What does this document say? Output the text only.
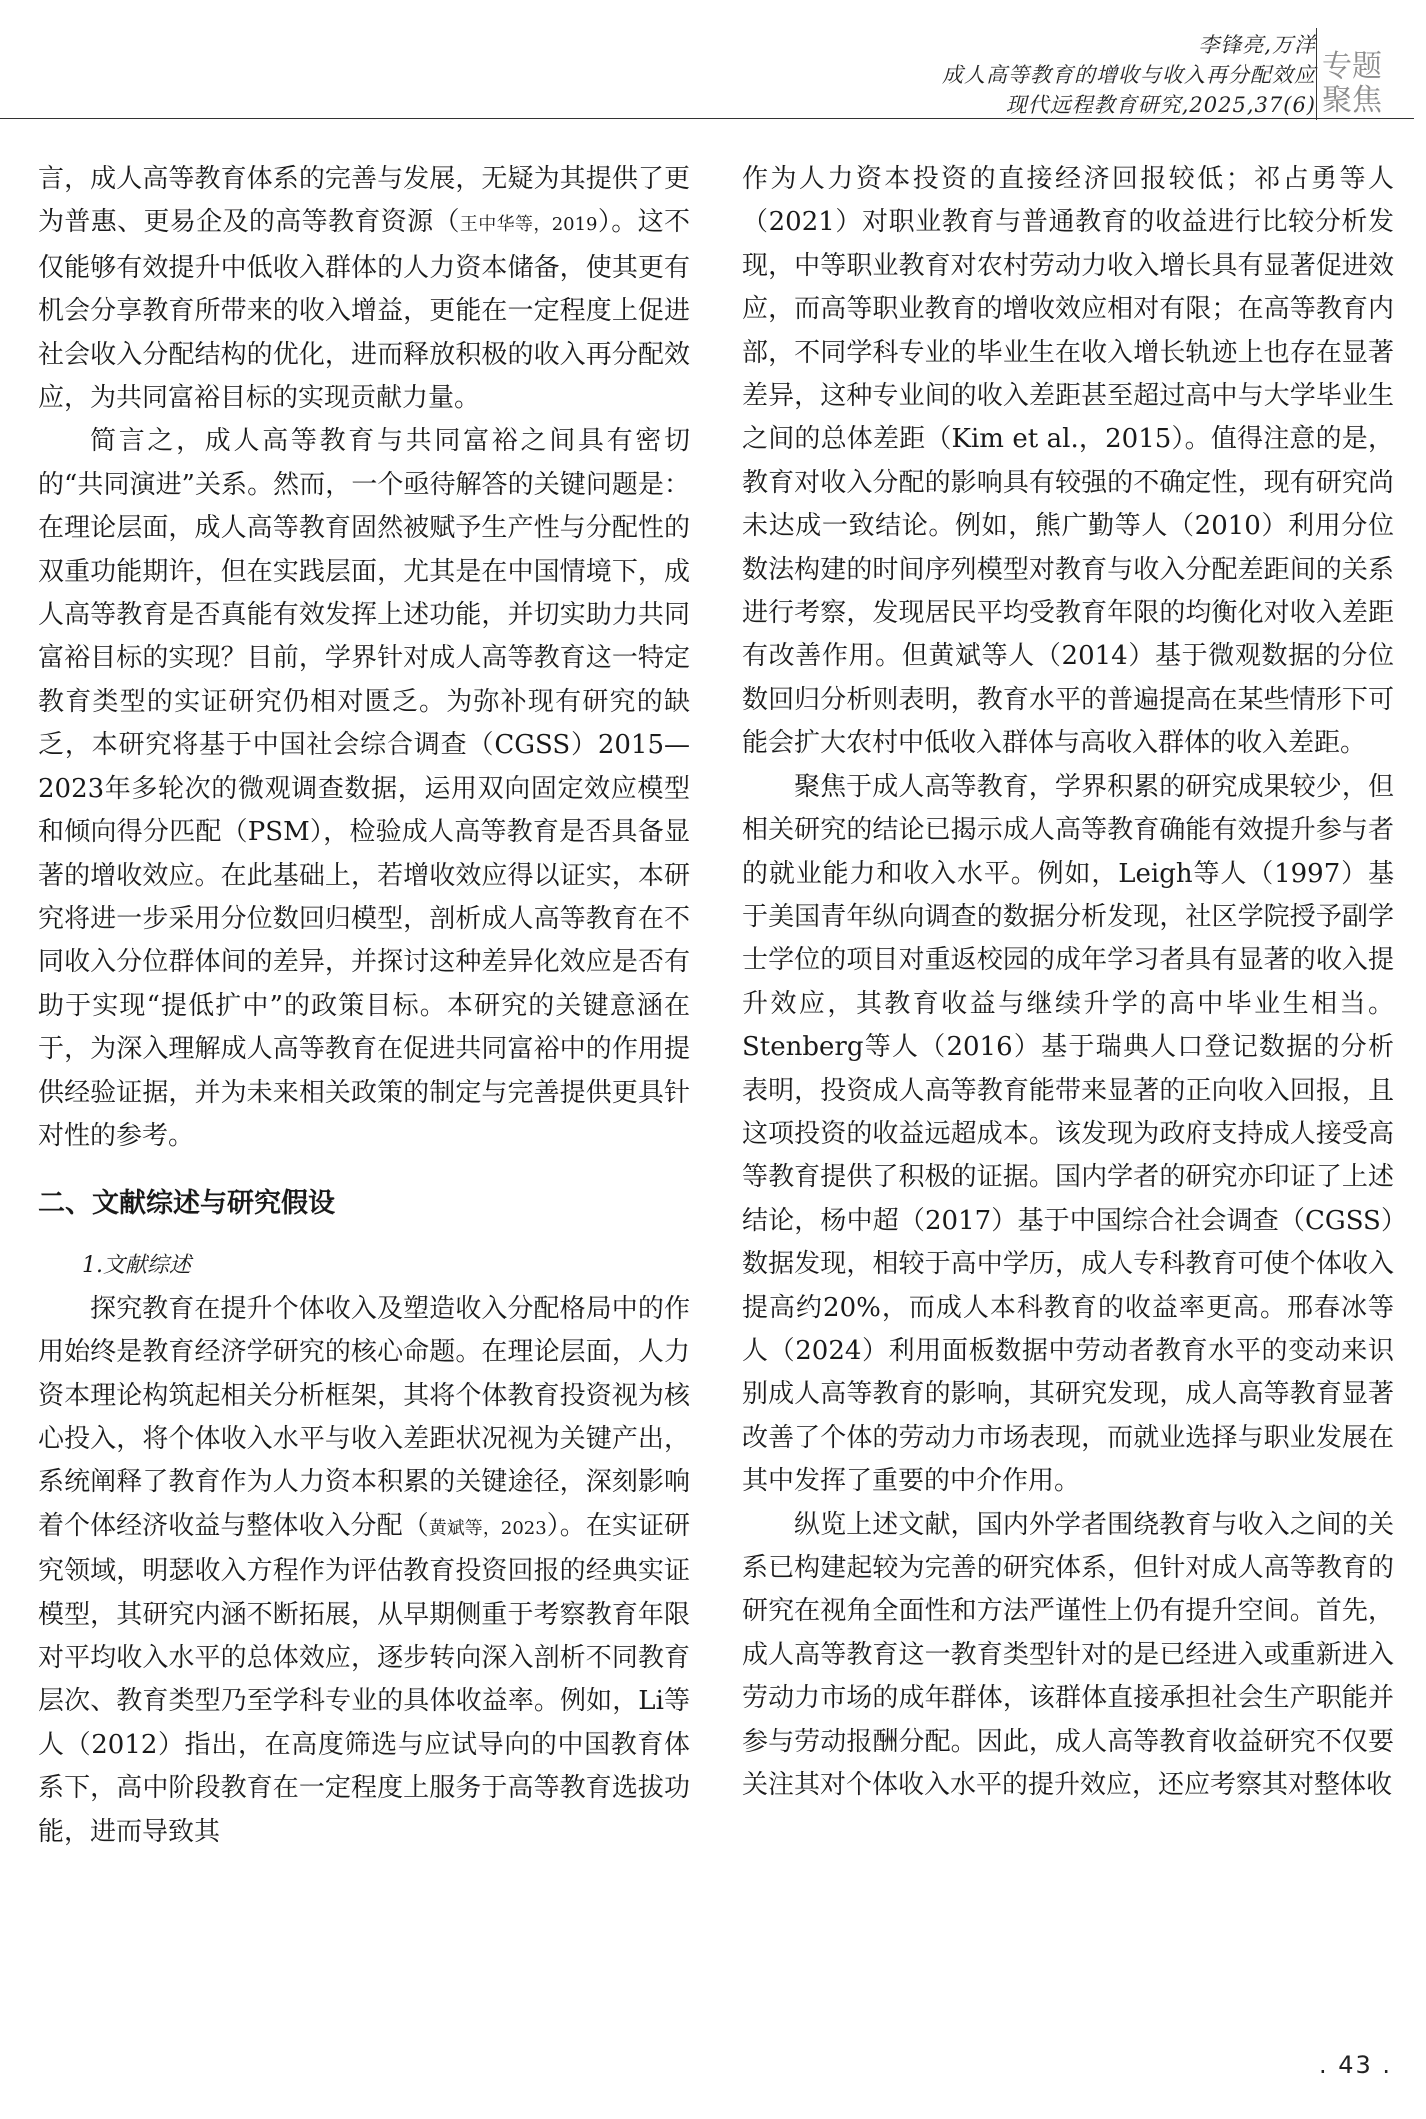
李锋亮,万洋
成人高等教育的增收与收入再分配效应
现代远程教育研究,2025,37(6)
专题
聚焦

言，成人高等教育体系的完善与发展，无疑为其提供了更为普惠、更易企及的高等教育资源（王中华等，2019）。这不仅能够有效提升中低收入群体的人力资本储备，使其更有机会分享教育所带来的收入增益，更能在一定程度上促进社会收入分配结构的优化，进而释放积极的收入再分配效应，为共同富裕目标的实现贡献力量。

简言之，成人高等教育与共同富裕之间具有密切的“共同演进”关系。然而，一个亟待解答的关键问题是：在理论层面，成人高等教育固然被赋予生产性与分配性的双重功能期许，但在实践层面，尤其是在中国情境下，成人高等教育是否真能有效发挥上述功能，并切实助力共同富裕目标的实现？目前，学界针对成人高等教育这一特定教育类型的实证研究仍相对匮乏。为弥补现有研究的缺乏，本研究将基于中国社会综合调查（CGSS）2015—2023年多轮次的微观调查数据，运用双向固定效应模型和倾向得分匹配（PSM），检验成人高等教育是否具备显著的增收效应。在此基础上，若增收效应得以证实，本研究将进一步采用分位数回归模型，剖析成人高等教育在不同收入分位群体间的差异，并探讨这种差异化效应是否有助于实现“提低扩中”的政策目标。本研究的关键意涵在于，为深入理解成人高等教育在促进共同富裕中的作用提供经验证据，并为未来相关政策的制定与完善提供更具针对性的参考。

二、文献综述与研究假设

1.文献综述

探究教育在提升个体收入及塑造收入分配格局中的作用始终是教育经济学研究的核心命题。在理论层面，人力资本理论构筑起相关分析框架，其将个体教育投资视为核心投入，将个体收入水平与收入差距状况视为关键产出，系统阐释了教育作为人力资本积累的关键途径，深刻影响着个体经济收益与整体收入分配（黄斌等，2023）。在实证研究领域，明瑟收入方程作为评估教育投资回报的经典实证模型，其研究内涵不断拓展，从早期侧重于考察教育年限对平均收入水平的总体效应，逐步转向深入剖析不同教育层次、教育类型乃至学科专业的具体收益率。例如，Li等人（2012）指出，在高度筛选与应试导向的中国教育体系下，高中阶段教育在一定程度上服务于高等教育选拔功能，进而导致其

作为人力资本投资的直接经济回报较低；祁占勇等人（2021）对职业教育与普通教育的收益进行比较分析发现，中等职业教育对农村劳动力收入增长具有显著促进效应，而高等职业教育的增收效应相对有限；在高等教育内部，不同学科专业的毕业生在收入增长轨迹上也存在显著差异，这种专业间的收入差距甚至超过高中与大学毕业生之间的总体差距（Kim et al.，2015）。值得注意的是，教育对收入分配的影响具有较强的不确定性，现有研究尚未达成一致结论。例如，熊广勤等人（2010）利用分位数法构建的时间序列模型对教育与收入分配差距间的关系进行考察，发现居民平均受教育年限的均衡化对收入差距有改善作用。但黄斌等人（2014）基于微观数据的分位数回归分析则表明，教育水平的普遍提高在某些情形下可能会扩大农村中低收入群体与高收入群体的收入差距。

聚焦于成人高等教育，学界积累的研究成果较少，但相关研究的结论已揭示成人高等教育确能有效提升参与者的就业能力和收入水平。例如，Leigh等人（1997）基于美国青年纵向调查的数据分析发现，社区学院授予副学士学位的项目对重返校园的成年学习者具有显著的收入提升效应，其教育收益与继续升学的高中毕业生相当。Stenberg等人（2016）基于瑞典人口登记数据的分析表明，投资成人高等教育能带来显著的正向收入回报，且这项投资的收益远超成本。该发现为政府支持成人接受高等教育提供了积极的证据。国内学者的研究亦印证了上述结论，杨中超（2017）基于中国综合社会调查（CGSS）数据发现，相较于高中学历，成人专科教育可使个体收入提高约20%，而成人本科教育的收益率更高。邢春冰等人（2024）利用面板数据中劳动者教育水平的变动来识别成人高等教育的影响，其研究发现，成人高等教育显著改善了个体的劳动力市场表现，而就业选择与职业发展在其中发挥了重要的中介作用。

纵览上述文献，国内外学者围绕教育与收入之间的关系已构建起较为完善的研究体系，但针对成人高等教育的研究在视角全面性和方法严谨性上仍有提升空间。首先，成人高等教育这一教育类型针对的是已经进入或重新进入劳动力市场的成年群体，该群体直接承担社会生产职能并参与劳动报酬分配。因此，成人高等教育收益研究不仅要关注其对个体收入水平的提升效应，还应考察其对整体收

. 43 .
